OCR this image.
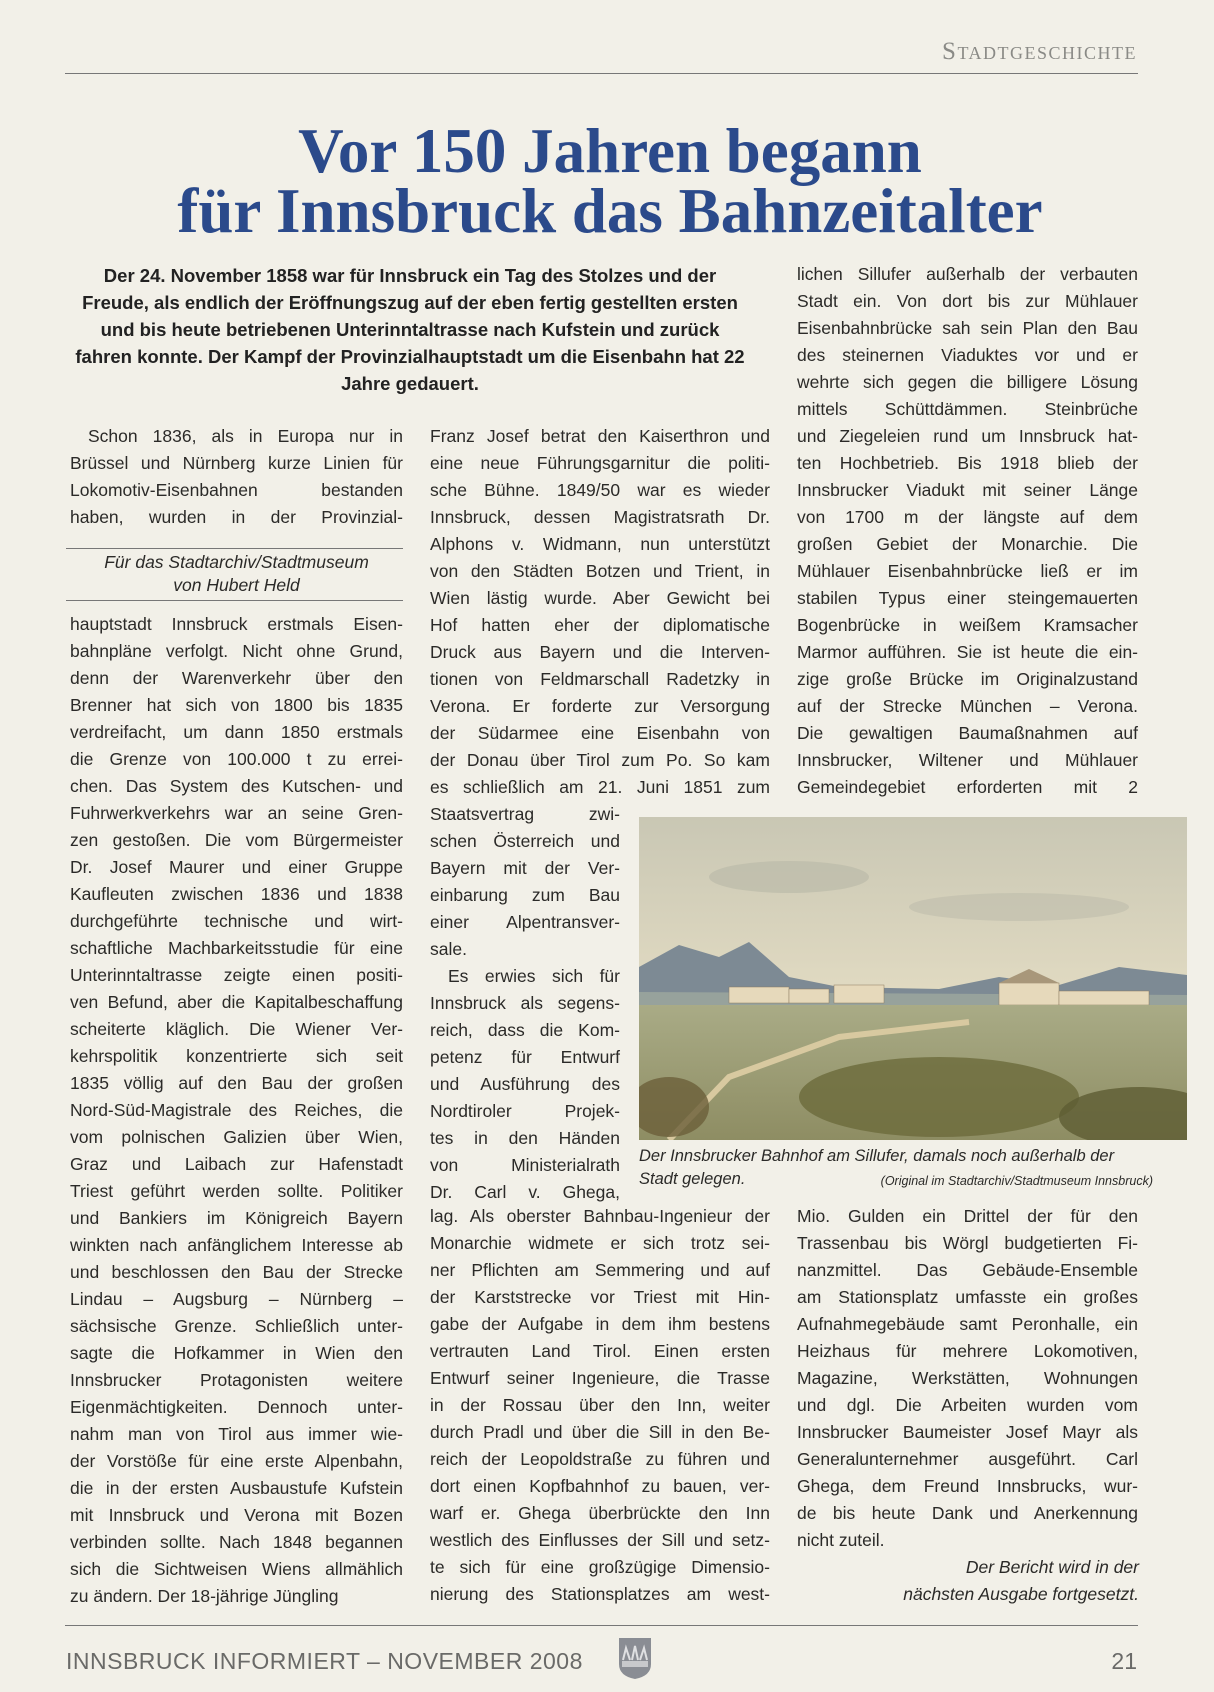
Stadtgeschichte
Vor 150 Jahren begann
für Innsbruck das Bahnzeitalter
Der 24. November 1858 war für Innsbruck ein Tag des Stolzes und der Freude, als endlich der Eröffnungszug auf der eben fertig gestellten ersten und bis heute betriebenen Unterinntaltrasse nach Kufstein und zurück fahren konnte. Der Kampf der Provinzialhauptstadt um die Eisenbahn hat 22 Jahre gedauert.
Schon 1836, als in Europa nur in
Brüssel und Nürnberg kurze Linien für
Lokomotiv-Eisenbahnen bestanden
haben, wurden in der Provinzial-
Für das Stadtarchiv/Stadtmuseum
von Hubert Held
hauptstadt Innsbruck erstmals Eisen-
bahnpläne verfolgt. Nicht ohne Grund,
denn der Warenverkehr über den
Brenner hat sich von 1800 bis 1835
verdreifacht, um dann 1850 erstmals
die Grenze von 100.000 t zu errei-
chen. Das System des Kutschen- und
Fuhrwerkverkehrs war an seine Gren-
zen gestoßen. Die vom Bürgermeister
Dr. Josef Maurer und einer Gruppe
Kaufleuten zwischen 1836 und 1838
durchgeführte technische und wirt-
schaftliche Machbarkeitsstudie für eine
Unterinntaltrasse zeigte einen positi-
ven Befund, aber die Kapitalbeschaffung
scheiterte kläglich. Die Wiener Ver-
kehrspolitik konzentrierte sich seit
1835 völlig auf den Bau der großen
Nord-Süd-Magistrale des Reiches, die
vom polnischen Galizien über Wien,
Graz und Laibach zur Hafenstadt
Triest geführt werden sollte. Politiker
und Bankiers im Königreich Bayern
winkten nach anfänglichem Interesse ab
und beschlossen den Bau der Strecke
Lindau – Augsburg – Nürnberg –
sächsische Grenze. Schließlich unter-
sagte die Hofkammer in Wien den
Innsbrucker Protagonisten weitere
Eigenmächtigkeiten. Dennoch unter-
nahm man von Tirol aus immer wie-
der Vorstöße für eine erste Alpenbahn,
die in der ersten Ausbaustufe Kufstein
mit Innsbruck und Verona mit Bozen
verbinden sollte. Nach 1848 begannen
sich die Sichtweisen Wiens allmählich
zu ändern. Der 18-jährige Jüngling
Franz Josef betrat den Kaiserthron und
eine neue Führungsgarnitur die politi-
sche Bühne. 1849/50 war es wieder
Innsbruck, dessen Magistratsrath Dr.
Alphons v. Widmann, nun unterstützt
von den Städten Botzen und Trient, in
Wien lästig wurde. Aber Gewicht bei
Hof hatten eher der diplomatische
Druck aus Bayern und die Interven-
tionen von Feldmarschall Radetzky in
Verona. Er forderte zur Versorgung
der Südarmee eine Eisenbahn von
der Donau über Tirol zum Po. So kam
es schließlich am 21. Juni 1851 zum
Staatsvertrag zwi-
schen Österreich und
Bayern mit der Ver-
einbarung zum Bau
einer Alpentransver-
sale.
Es erwies sich für
Innsbruck als segens-
reich, dass die Kom-
petenz für Entwurf
und Ausführung des
Nordtiroler Projek-
tes in den Händen
von Ministerialrath
Dr. Carl v. Ghega,
lag. Als oberster Bahnbau-Ingenieur der
Monarchie widmete er sich trotz sei-
ner Pflichten am Semmering und auf
der Karststrecke vor Triest mit Hin-
gabe der Aufgabe in dem ihm bestens
vertrauten Land Tirol. Einen ersten
Entwurf seiner Ingenieure, die Trasse
in der Rossau über den Inn, weiter
durch Pradl und über die Sill in den Be-
reich der Leopoldstraße zu führen und
dort einen Kopfbahnhof zu bauen, ver-
warf er. Ghega überbrückte den Inn
westlich des Einflusses der Sill und setz-
te sich für eine großzügige Dimensio-
nierung des Stationsplatzes am west-
lichen Sillufer außerhalb der verbauten
Stadt ein. Von dort bis zur Mühlauer
Eisenbahnbrücke sah sein Plan den Bau
des steinernen Viaduktes vor und er
wehrte sich gegen die billigere Lösung
mittels Schüttdämmen. Steinbrüche
und Ziegeleien rund um Innsbruck hat-
ten Hochbetrieb. Bis 1918 blieb der
Innsbrucker Viadukt mit seiner Länge
von 1700 m der längste auf dem
großen Gebiet der Monarchie. Die
Mühlauer Eisenbahnbrücke ließ er im
stabilen Typus einer steingemauerten
Bogenbrücke in weißem Kramsacher
Marmor aufführen. Sie ist heute die ein-
zige große Brücke im Originalzustand
auf der Strecke München – Verona.
Die gewaltigen Baumaßnahmen auf
Innsbrucker, Wiltener und Mühlauer
Gemeindegebiet erforderten mit 2
Mio. Gulden ein Drittel der für den
Trassenbau bis Wörgl budgetierten Fi-
nanzmittel. Das Gebäude-Ensemble
am Stationsplatz umfasste ein großes
Aufnahmegebäude samt Peronhalle, ein
Heizhaus für mehrere Lokomotiven,
Magazine, Werkstätten, Wohnungen
und dgl. Die Arbeiten wurden vom
Innsbrucker Baumeister Josef Mayr als
Generalunternehmer ausgeführt. Carl
Ghega, dem Freund Innsbrucks, wur-
de bis heute Dank und Anerkennung
nicht zuteil.
Der Bericht wird in der
nächsten Ausgabe fortgesetzt.
Der Innsbrucker Bahnhof am Sillufer, damals noch außerhalb der
Stadt gelegen.	(Original im Stadtarchiv/Stadtmuseum Innsbruck)
INNSBRUCK INFORMIERT – NOVEMBER 2008	21
